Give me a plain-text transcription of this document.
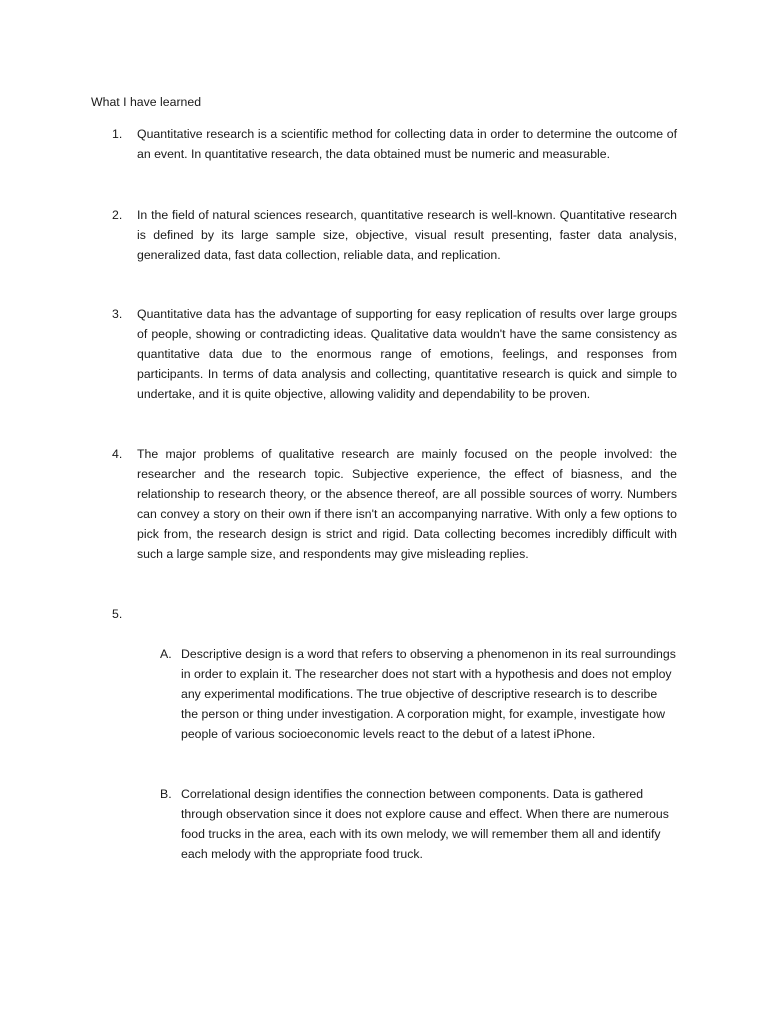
What I have learned
1. Quantitative research is a scientific method for collecting data in order to determine the outcome of an event. In quantitative research, the data obtained must be numeric and measurable.
2. In the field of natural sciences research, quantitative research is well-known. Quantitative research is defined by its large sample size, objective, visual result presenting, faster data analysis, generalized data, fast data collection, reliable data, and replication.
3. Quantitative data has the advantage of supporting for easy replication of results over large groups of people, showing or contradicting ideas. Qualitative data wouldn't have the same consistency as quantitative data due to the enormous range of emotions, feelings, and responses from participants. In terms of data analysis and collecting, quantitative research is quick and simple to undertake, and it is quite objective, allowing validity and dependability to be proven.
4. The major problems of qualitative research are mainly focused on the people involved: the researcher and the research topic. Subjective experience, the effect of biasness, and the relationship to research theory, or the absence thereof, are all possible sources of worry. Numbers can convey a story on their own if there isn't an accompanying narrative. With only a few options to pick from, the research design is strict and rigid. Data collecting becomes incredibly difficult with such a large sample size, and respondents may give misleading replies.
5.
A. Descriptive design is a word that refers to observing a phenomenon in its real surroundings in order to explain it. The researcher does not start with a hypothesis and does not employ any experimental modifications. The true objective of descriptive research is to describe the person or thing under investigation. A corporation might, for example, investigate how people of various socioeconomic levels react to the debut of a latest iPhone.
B. Correlational design identifies the connection between components. Data is gathered through observation since it does not explore cause and effect. When there are numerous food trucks in the area, each with its own melody, we will remember them all and identify each melody with the appropriate food truck.
